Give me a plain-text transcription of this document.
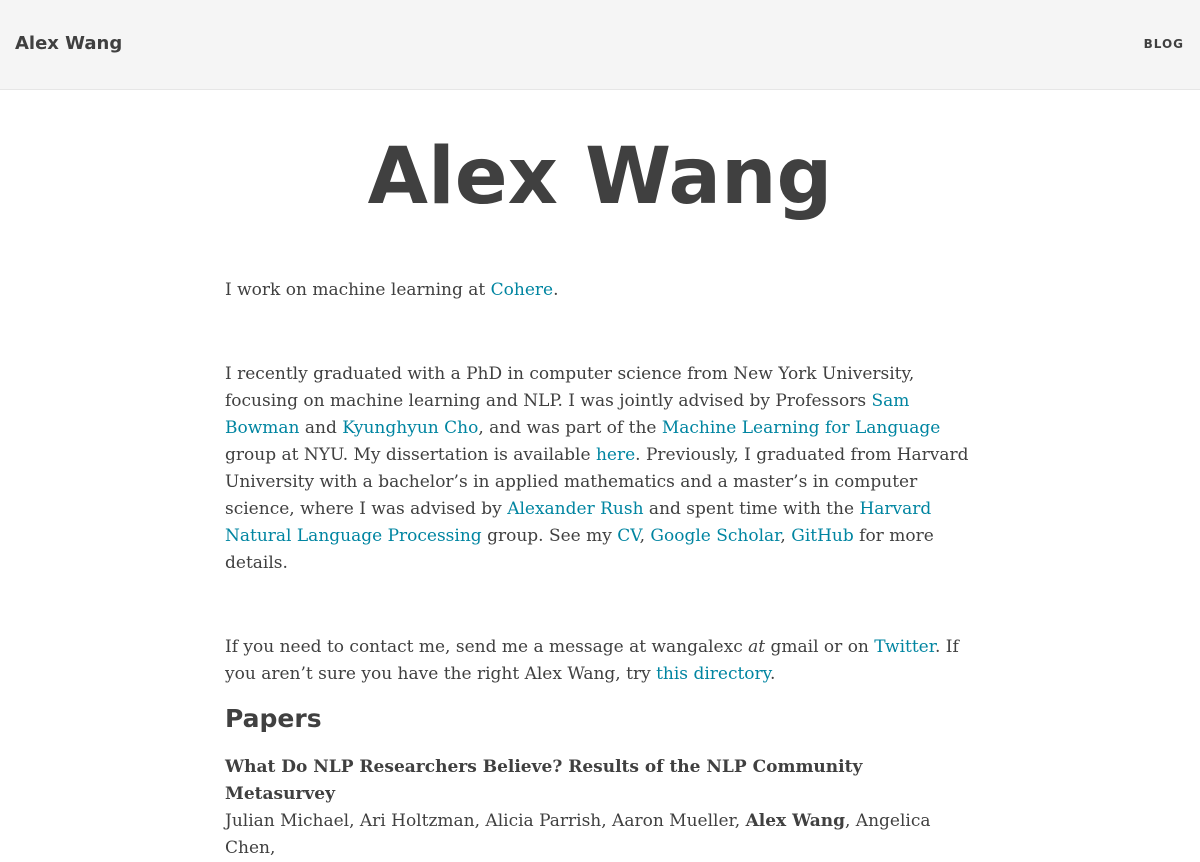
Alex Wang	BLOG
Alex Wang

I work on machine learning at Cohere.

I recently graduated with a PhD in computer science from New York University, focusing on machine learning and NLP. I was jointly advised by Professors Sam Bowman and Kyunghyun Cho, and was part of the Machine Learning for Language group at NYU. My dissertation is available here. Previously, I graduated from Harvard University with a bachelor’s in applied mathematics and a master’s in computer science, where I was advised by Alexander Rush and spent time with the Harvard Natural Language Processing group. See my CV, Google Scholar, GitHub for more details.

If you need to contact me, send me a message at wangalexc at gmail or on Twitter. If you aren’t sure you have the right Alex Wang, try this directory.

Papers
What Do NLP Researchers Believe? Results of the NLP Community Metasurvey
Julian Michael, Ari Holtzman, Alicia Parrish, Aaron Mueller, Alex Wang, Angelica Chen,
